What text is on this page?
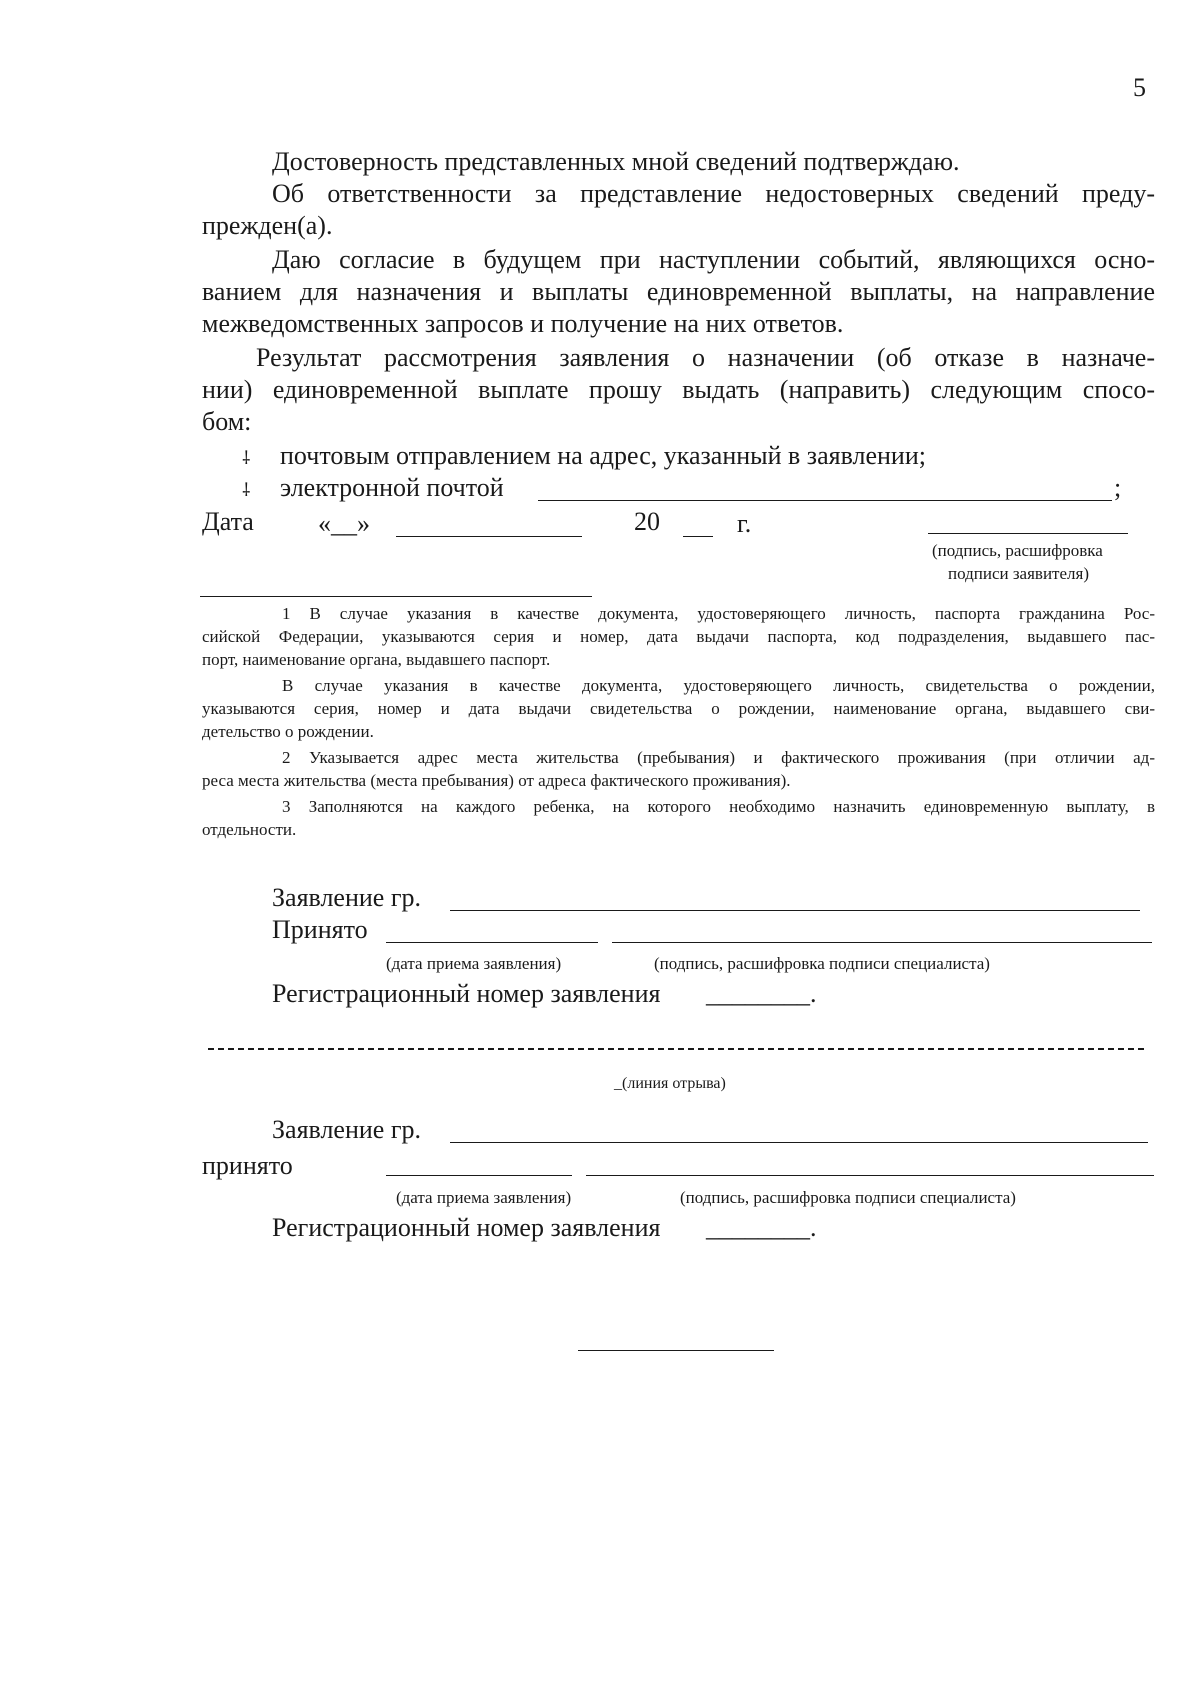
5
Достоверность представленных мной сведений подтверждаю.
Об ответственности за представление недостоверных сведений преду-
прежден(а).
Даю согласие в будущем при наступлении событий, являющихся осно-
ванием для назначения и выплаты единовременной выплаты, на направление
межведомственных запросов и получение на них ответов.
Результат рассмотрения заявления о назначении (об отказе в назначе-
нии) единовременной выплате прошу выдать (направить) следующим спосо-
бом:
⸸ почтовым отправлением на адрес, указанный в заявлении;
⸸ электронной почтой	;
Дата «__»	20	г.
(подпись, расшифровка
подписи заявителя)
1 В случае указания в качестве документа, удостоверяющего личность, паспорта гражданина Рос-
сийской Федерации, указываются серия и номер, дата выдачи паспорта, код подразделения, выдавшего пас-
порт, наименование органа, выдавшего паспорт.
В случае указания в качестве документа, удостоверяющего личность, свидетельства о рождении,
указываются серия, номер и дата выдачи свидетельства о рождении, наименование органа, выдавшего сви-
детельство о рождении.
2 Указывается адрес места жительства (пребывания) и фактического проживания (при отличии ад-
реса места жительства (места пребывания) от адреса фактического проживания).
3 Заполняются на каждого ребенка, на которого необходимо назначить единовременную выплату, в
отдельности.
Заявление гр.
Принято
(дата приема заявления)	(подпись, расшифровка подписи специалиста)
Регистрационный номер заявления ________.
_(линия отрыва)
Заявление гр.
принято
(дата приема заявления)	(подпись, расшифровка подписи специалиста)
Регистрационный номер заявления ________.
